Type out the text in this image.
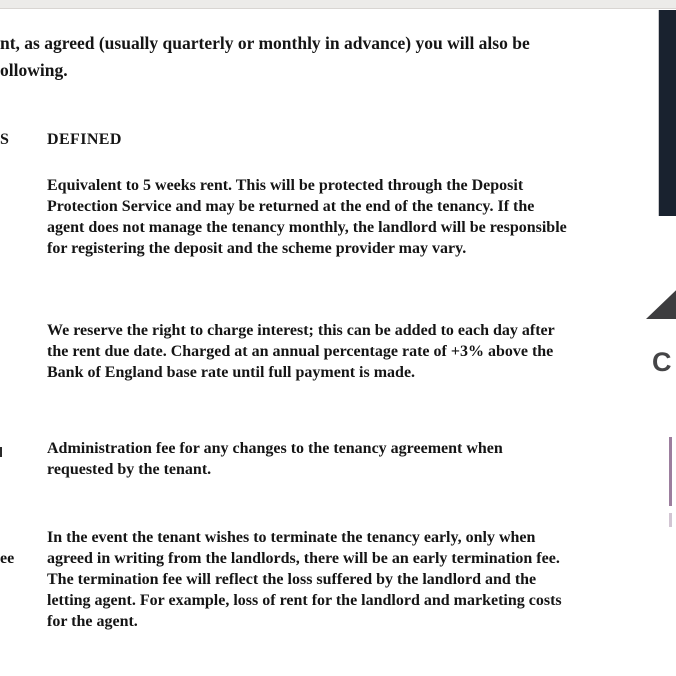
nt, as agreed (usually quarterly or monthly in advance) you will also be
ollowing.
S DEFINED

Equivalent to 5 weeks rent. This will be protected through the Deposit Protection Service and may be returned at the end of the tenancy. If the agent does not manage the tenancy monthly, the landlord will be responsible for registering the deposit and the scheme provider may vary.

We reserve the right to charge interest; this can be added to each day after the rent due date. Charged at an annual percentage rate of +3% above the Bank of England base rate until full payment is made.

Administration fee for any changes to the tenancy agreement when requested by the tenant.

ee

In the event the tenant wishes to terminate the tenancy early, only when agreed in writing from the landlords, there will be an early termination fee. The termination fee will reflect the loss suffered by the landlord and the letting agent. For example, loss of rent for the landlord and marketing costs for the agent.

C
